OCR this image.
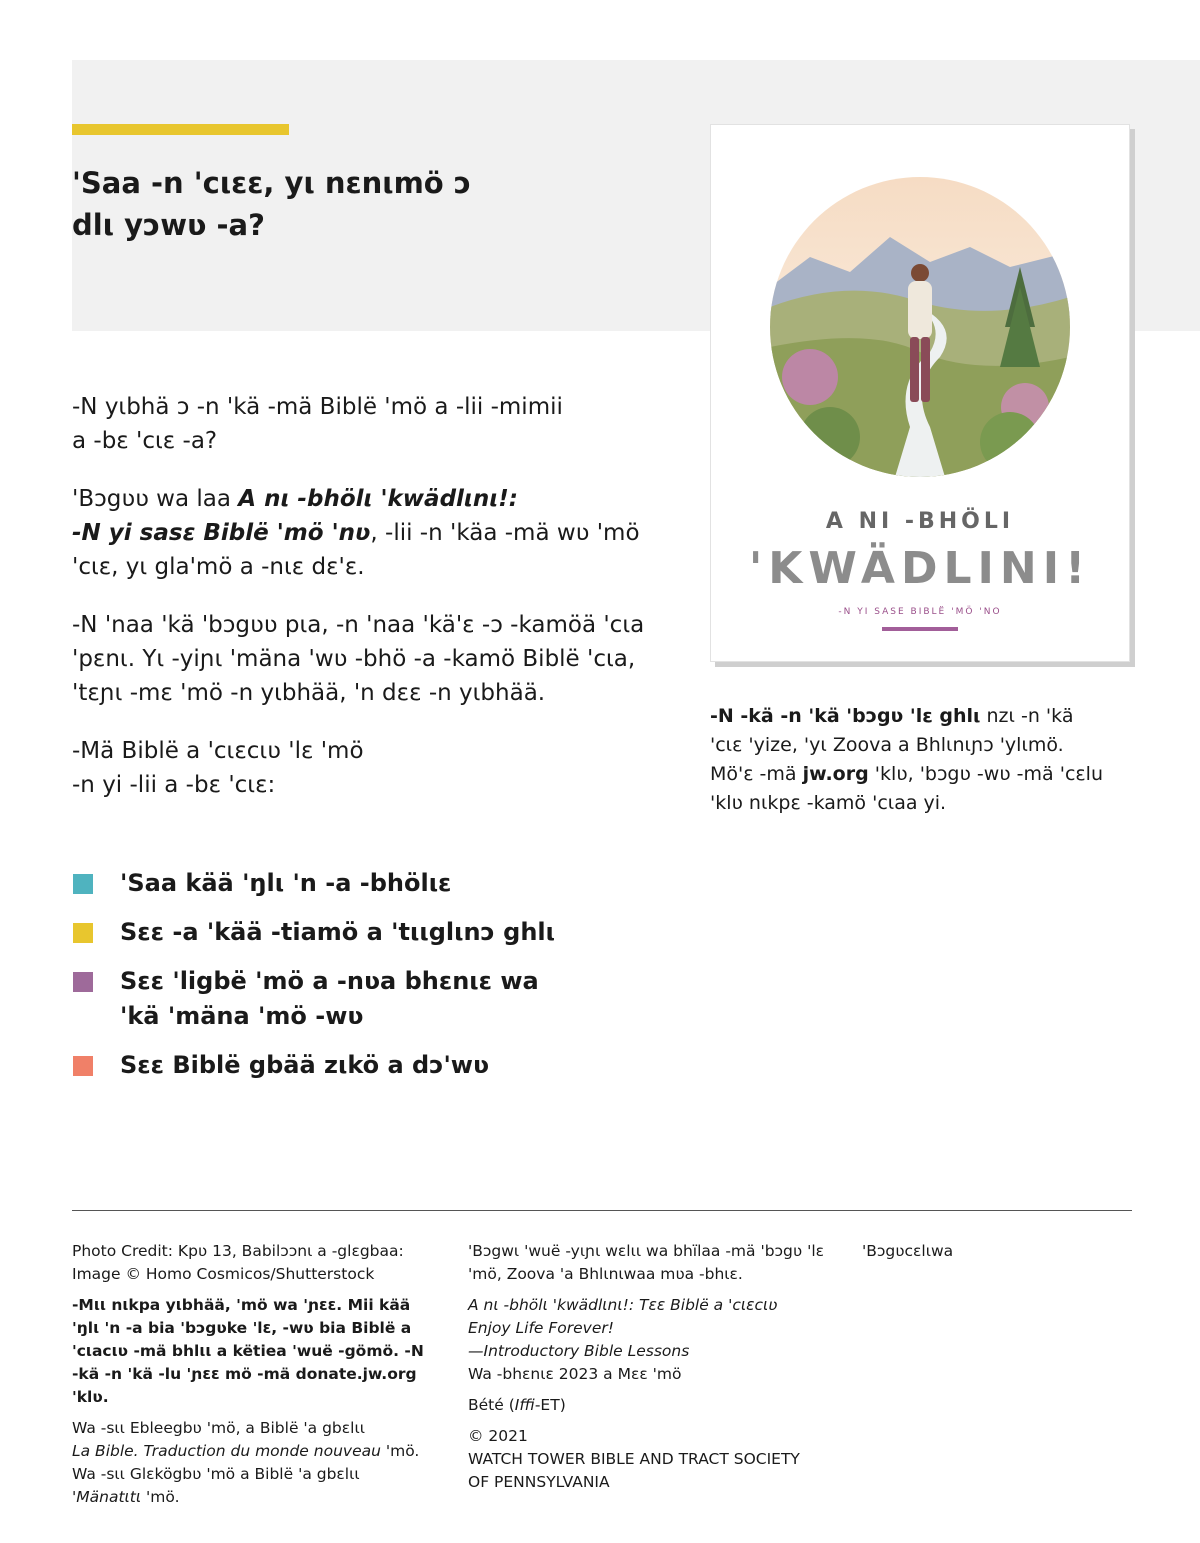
'Saa -n 'cιεε, yι nεnιmö ɔ
dlι yɔwʋ -a?

-N yιbhä ɔ -n 'kä -mä Biblë 'mö a -lii -mimii
a -bε 'cιε -a?

'Bɔgʋʋ wa laa A nι -bhölι 'kwädlιnι!:
-N yi sasε Biblë 'mö 'nʋ, -lii -n 'käa -mä wʋ 'mö 'cιε, yι gla'mö a -nιε dε'ε.

-N 'naa 'kä 'bɔgʋʋ pιa, -n 'naa 'kä'ε -ɔ -kamöä 'cιa 'pεnι. Yι -yiɲι 'mäna 'wʋ -bhö -a -kamö Biblë 'cιa, 'tεɲι -mε 'mö -n yιbhää, 'n dεε -n yιbhää.

-Mä Biblë a 'cιεcιʋ 'lε 'mö
-n yi -lii a -bε 'cιε:

'Saa kää 'ŋlι 'n -a -bhölιε
Sεε -a 'kää -tiamö a 'tιιglιnɔ ghlι
Sεε 'ligbë 'mö a -nʋa bhεnιε wa
'kä 'mäna 'mö -wʋ
Sεε Biblë gbää zιkö a dɔ'wʋ
A NI -BHÖLI
'KWÄDLINI!
-N YI SASE BIBLË 'MÖ 'NO

-N -kä -n 'kä 'bɔgʋ 'lε ghlι nzι -n 'kä 'cιε 'yize, 'yι Zoova a Bhlιnιɲɔ 'ylιmö. Mö'ε -mä jw.org 'klʋ, 'bɔgʋ -wʋ -mä 'cεlu 'klʋ nιkpε -kamö 'cιaa yi.

Photo Credit: Kpʋ 13, Babilɔɔnι a -glεgbaa:
Image © Homo Cosmicos/Shutterstock

-Mιι nιkpa yιbhää, 'mö wa 'ɲεε. Mii kää 'ŋlι 'n -a bia 'bɔgʋke 'lε, -wʋ bia Biblë a 'cιacιʋ -mä bhlιι a këtiea 'wuë -gömö. -N -kä -n 'kä -lu 'ɲεε mö -mä donate.jw.org 'klʋ.

Wa -sιι Ebleegbʋ 'mö, a Biblë 'a gbεlιι
La Bible. Traduction du monde nouveau 'mö.
Wa -sιι Glεkögbʋ 'mö a Biblë 'a gbεlιι
'Mänatιtι 'mö.

'Bɔgwι 'wuë -yιɲι wεlιι wa bhïlaa -mä 'bɔgʋ 'lε 'mö, Zoova 'a Bhlιnιwaa mʋa -bhιε.

A nι -bhölι 'kwädlιnι!: Tεε Biblë a 'cιεcιʋ
Enjoy Life Forever!
—Introductory Bible Lessons
Wa -bhεnιε 2023 a Mεε 'mö

Bété (Iffi-ET)

© 2021
WATCH TOWER BIBLE AND TRACT SOCIETY
OF PENNSYLVANIA

'Bɔgʋcεlιwa
